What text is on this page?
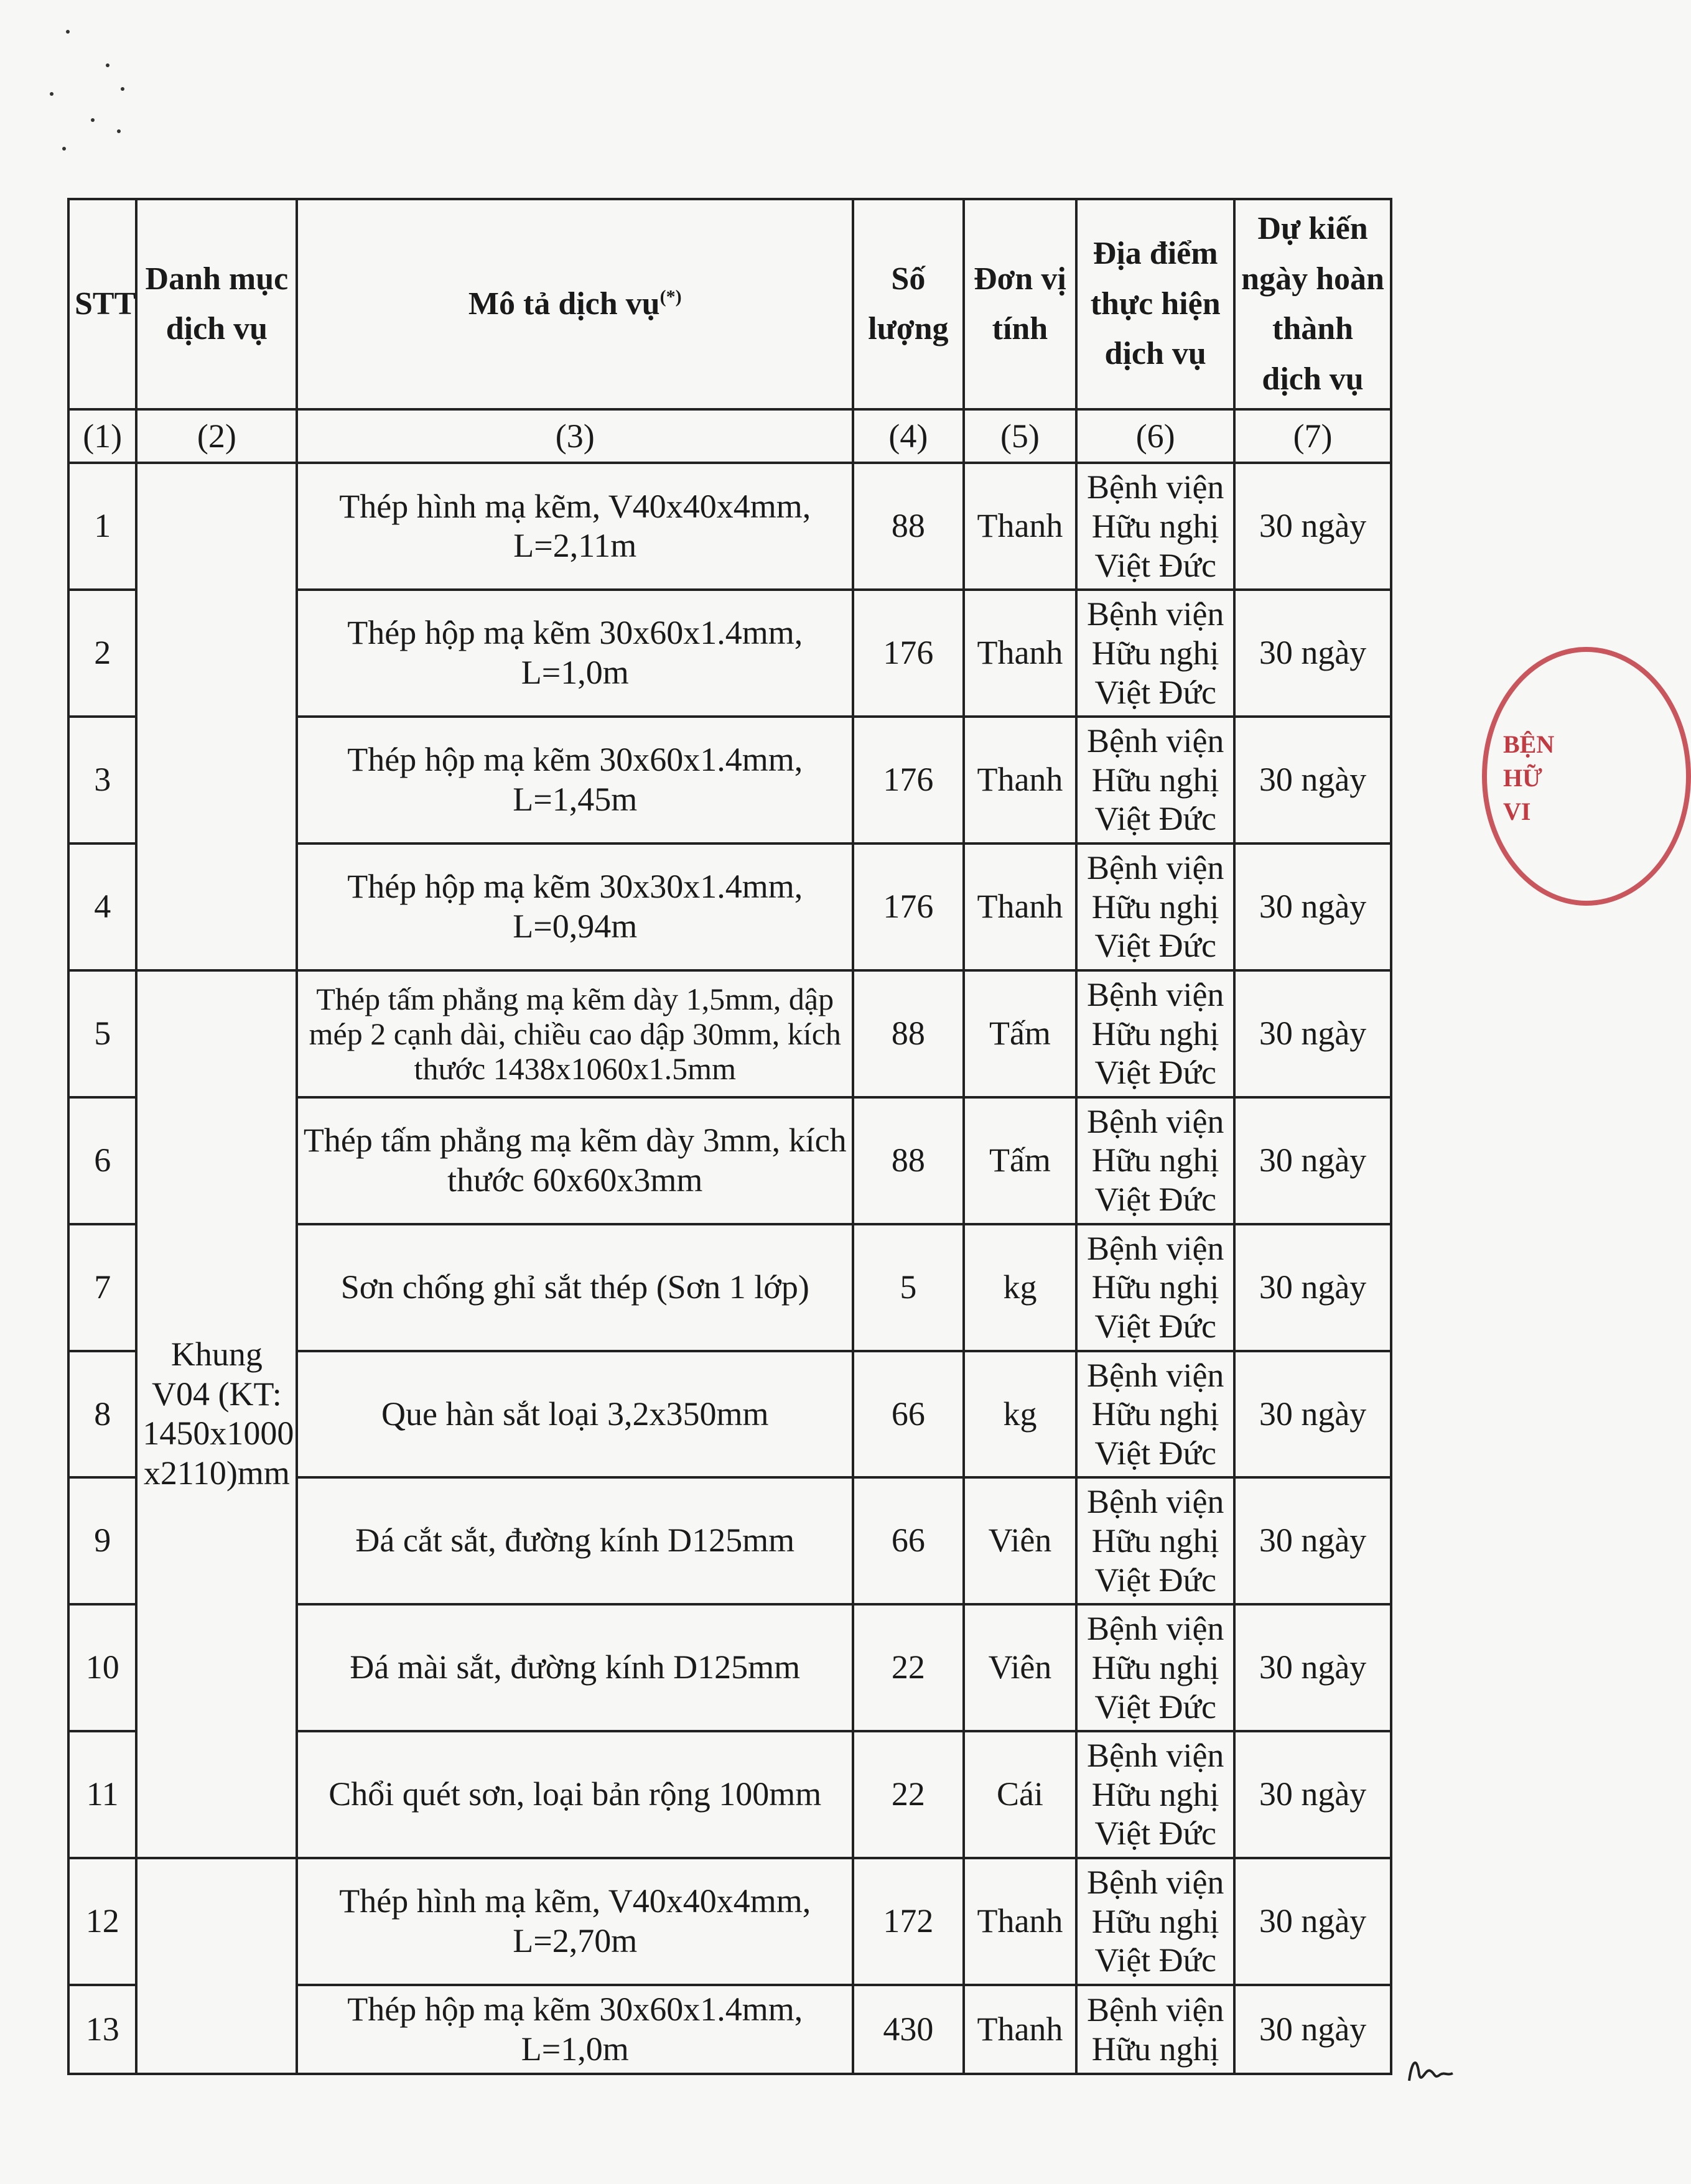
STT	Danh mục dịch vụ	Mô tả dịch vụ(*)	Số lượng	Đơn vị tính	Địa điểm thực hiện dịch vụ	Dự kiến ngày hoàn thành dịch vụ
(1)	(2)	(3)	(4)	(5)	(6)	(7)
1		Thép hình mạ kẽm, V40x40x4mm, L=2,11m	88	Thanh	Bệnh viện Hữu nghị Việt Đức	30 ngày
2		Thép hộp mạ kẽm 30x60x1.4mm, L=1,0m	176	Thanh	Bệnh viện Hữu nghị Việt Đức	30 ngày
3		Thép hộp mạ kẽm 30x60x1.4mm, L=1,45m	176	Thanh	Bệnh viện Hữu nghị Việt Đức	30 ngày
4		Thép hộp mạ kẽm 30x30x1.4mm, L=0,94m	176	Thanh	Bệnh viện Hữu nghị Việt Đức	30 ngày
5	Khung V04 (KT: 1450x1000 x2110)mm	Thép tấm phẳng mạ kẽm dày 1,5mm, dập mép 2 cạnh dài, chiều cao dập 30mm, kích thước 1438x1060x1.5mm	88	Tấm	Bệnh viện Hữu nghị Việt Đức	30 ngày
6		Thép tấm phẳng mạ kẽm dày 3mm, kích thước 60x60x3mm	88	Tấm	Bệnh viện Hữu nghị Việt Đức	30 ngày
7		Sơn chống ghỉ sắt thép (Sơn 1 lớp)	5	kg	Bệnh viện Hữu nghị Việt Đức	30 ngày
8		Que hàn sắt loại 3,2x350mm	66	kg	Bệnh viện Hữu nghị Việt Đức	30 ngày
9		Đá cắt sắt, đường kính D125mm	66	Viên	Bệnh viện Hữu nghị Việt Đức	30 ngày
10		Đá mài sắt, đường kính D125mm	22	Viên	Bệnh viện Hữu nghị Việt Đức	30 ngày
11		Chổi quét sơn, loại bản rộng 100mm	22	Cái	Bệnh viện Hữu nghị Việt Đức	30 ngày
12		Thép hình mạ kẽm, V40x40x4mm, L=2,70m	172	Thanh	Bệnh viện Hữu nghị Việt Đức	30 ngày
13		Thép hộp mạ kẽm 30x60x1.4mm, L=1,0m	430	Thanh	Bệnh viện Hữu nghị	30 ngày
BỆN HỮ VI
